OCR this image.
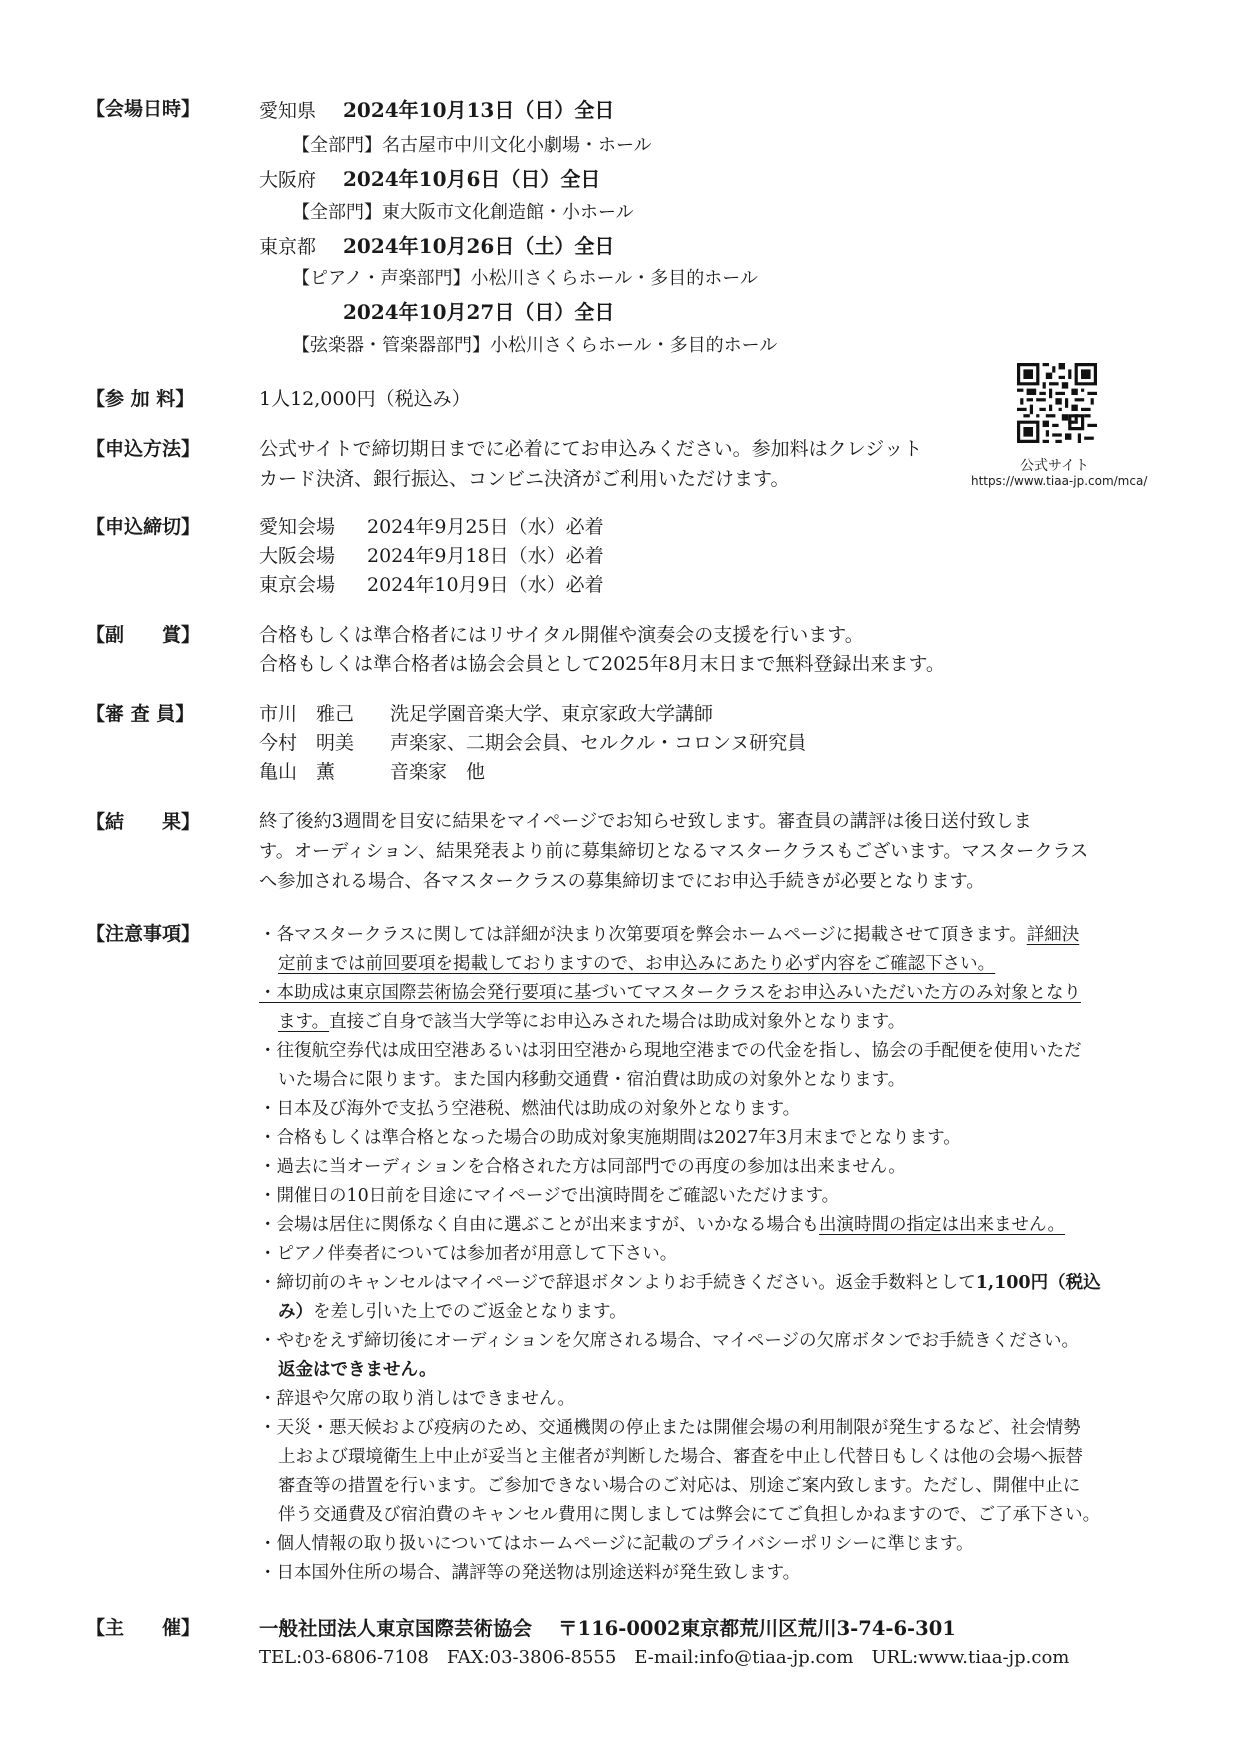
【会場日時】	愛知県 2024年10月13日（日）全日
【全部門】名古屋市中川文化小劇場・ホール
大阪府 2024年10月6日（日）全日
【全部門】東大阪市文化創造館・小ホール
東京都 2024年10月26日（土）全日
【ピアノ・声楽部門】小松川さくらホール・多目的ホール
2024年10月27日（日）全日
【弦楽器・管楽器部門】小松川さくらホール・多目的ホール
【参 加 料】	1人12,000円（税込み）
公式サイト
https://www.tiaa-jp.com/mca/
【申込方法】	公式サイトで締切期日までに必着にてお申込みください。参加料はクレジット
カード決済、銀行振込、コンビニ決済がご利用いただけます。
【申込締切】	愛知会場 2024年9月25日（水）必着
大阪会場 2024年9月18日（水）必着
東京会場 2024年10月9日（水）必着
【副　　賞】	合格もしくは準合格者にはリサイタル開催や演奏会の支援を行います。
合格もしくは準合格者は協会会員として2025年8月末日まで無料登録出来ます。
【審 査 員】	市川　雅己 洗足学園音楽大学、東京家政大学講師
今村　明美 声楽家、二期会会員、セルクル・コロンヌ研究員
亀山　薫	音楽家　他
【結　　果】	終了後約3週間を目安に結果をマイページでお知らせ致します。審査員の講評は後日送付致しま
す。オーディション、結果発表より前に募集締切となるマスタークラスもございます。マスタークラス
へ参加される場合、各マスタークラスの募集締切までにお申込手続きが必要となります。
【注意事項】	・各マスタークラスに関しては詳細が決まり次第要項を弊会ホームページに掲載させて頂きます。詳細決
定前までは前回要項を掲載しておりますので、お申込みにあたり必ず内容をご確認下さい。
・本助成は東京国際芸術協会発行要項に基づいてマスタークラスをお申込みいただいた方のみ対象となり
ます。直接ご自身で該当大学等にお申込みされた場合は助成対象外となります。
・往復航空券代は成田空港あるいは羽田空港から現地空港までの代金を指し、協会の手配便を使用いただ
いた場合に限ります。また国内移動交通費・宿泊費は助成の対象外となります。
・日本及び海外で支払う空港税、燃油代は助成の対象外となります。
・合格もしくは準合格となった場合の助成対象実施期間は2027年3月末までとなります。
・過去に当オーディションを合格された方は同部門での再度の参加は出来ません。
・開催日の10日前を目途にマイページで出演時間をご確認いただけます。
・会場は居住に関係なく自由に選ぶことが出来ますが、いかなる場合も出演時間の指定は出来ません。
・ピアノ伴奏者については参加者が用意して下さい。
・締切前のキャンセルはマイページで辞退ボタンよりお手続きください。返金手数料として1,100円（税込
み）を差し引いた上でのご返金となります。
・やむをえず締切後にオーディションを欠席される場合、マイページの欠席ボタンでお手続きください。
返金はできません。
・辞退や欠席の取り消しはできません。
・天災・悪天候および疫病のため、交通機関の停止または開催会場の利用制限が発生するなど、社会情勢
上および環境衛生上中止が妥当と主催者が判断した場合、審査を中止し代替日もしくは他の会場へ振替
審査等の措置を行います。ご参加できない場合のご対応は、別途ご案内致します。ただし、開催中止に
伴う交通費及び宿泊費のキャンセル費用に関しましては弊会にてご負担しかねますので、ご了承下さい。
・個人情報の取り扱いについてはホームページに記載のプライバシーポリシーに準じます。
・日本国外住所の場合、講評等の発送物は別途送料が発生致します。
【主　　催】	一般社団法人東京国際芸術協会 〒116-0002東京都荒川区荒川3-74-6-301
TEL:03-6806-7108　FAX:03-3806-8555　E-mail:info@tiaa-jp.com　URL:www.tiaa-jp.com
